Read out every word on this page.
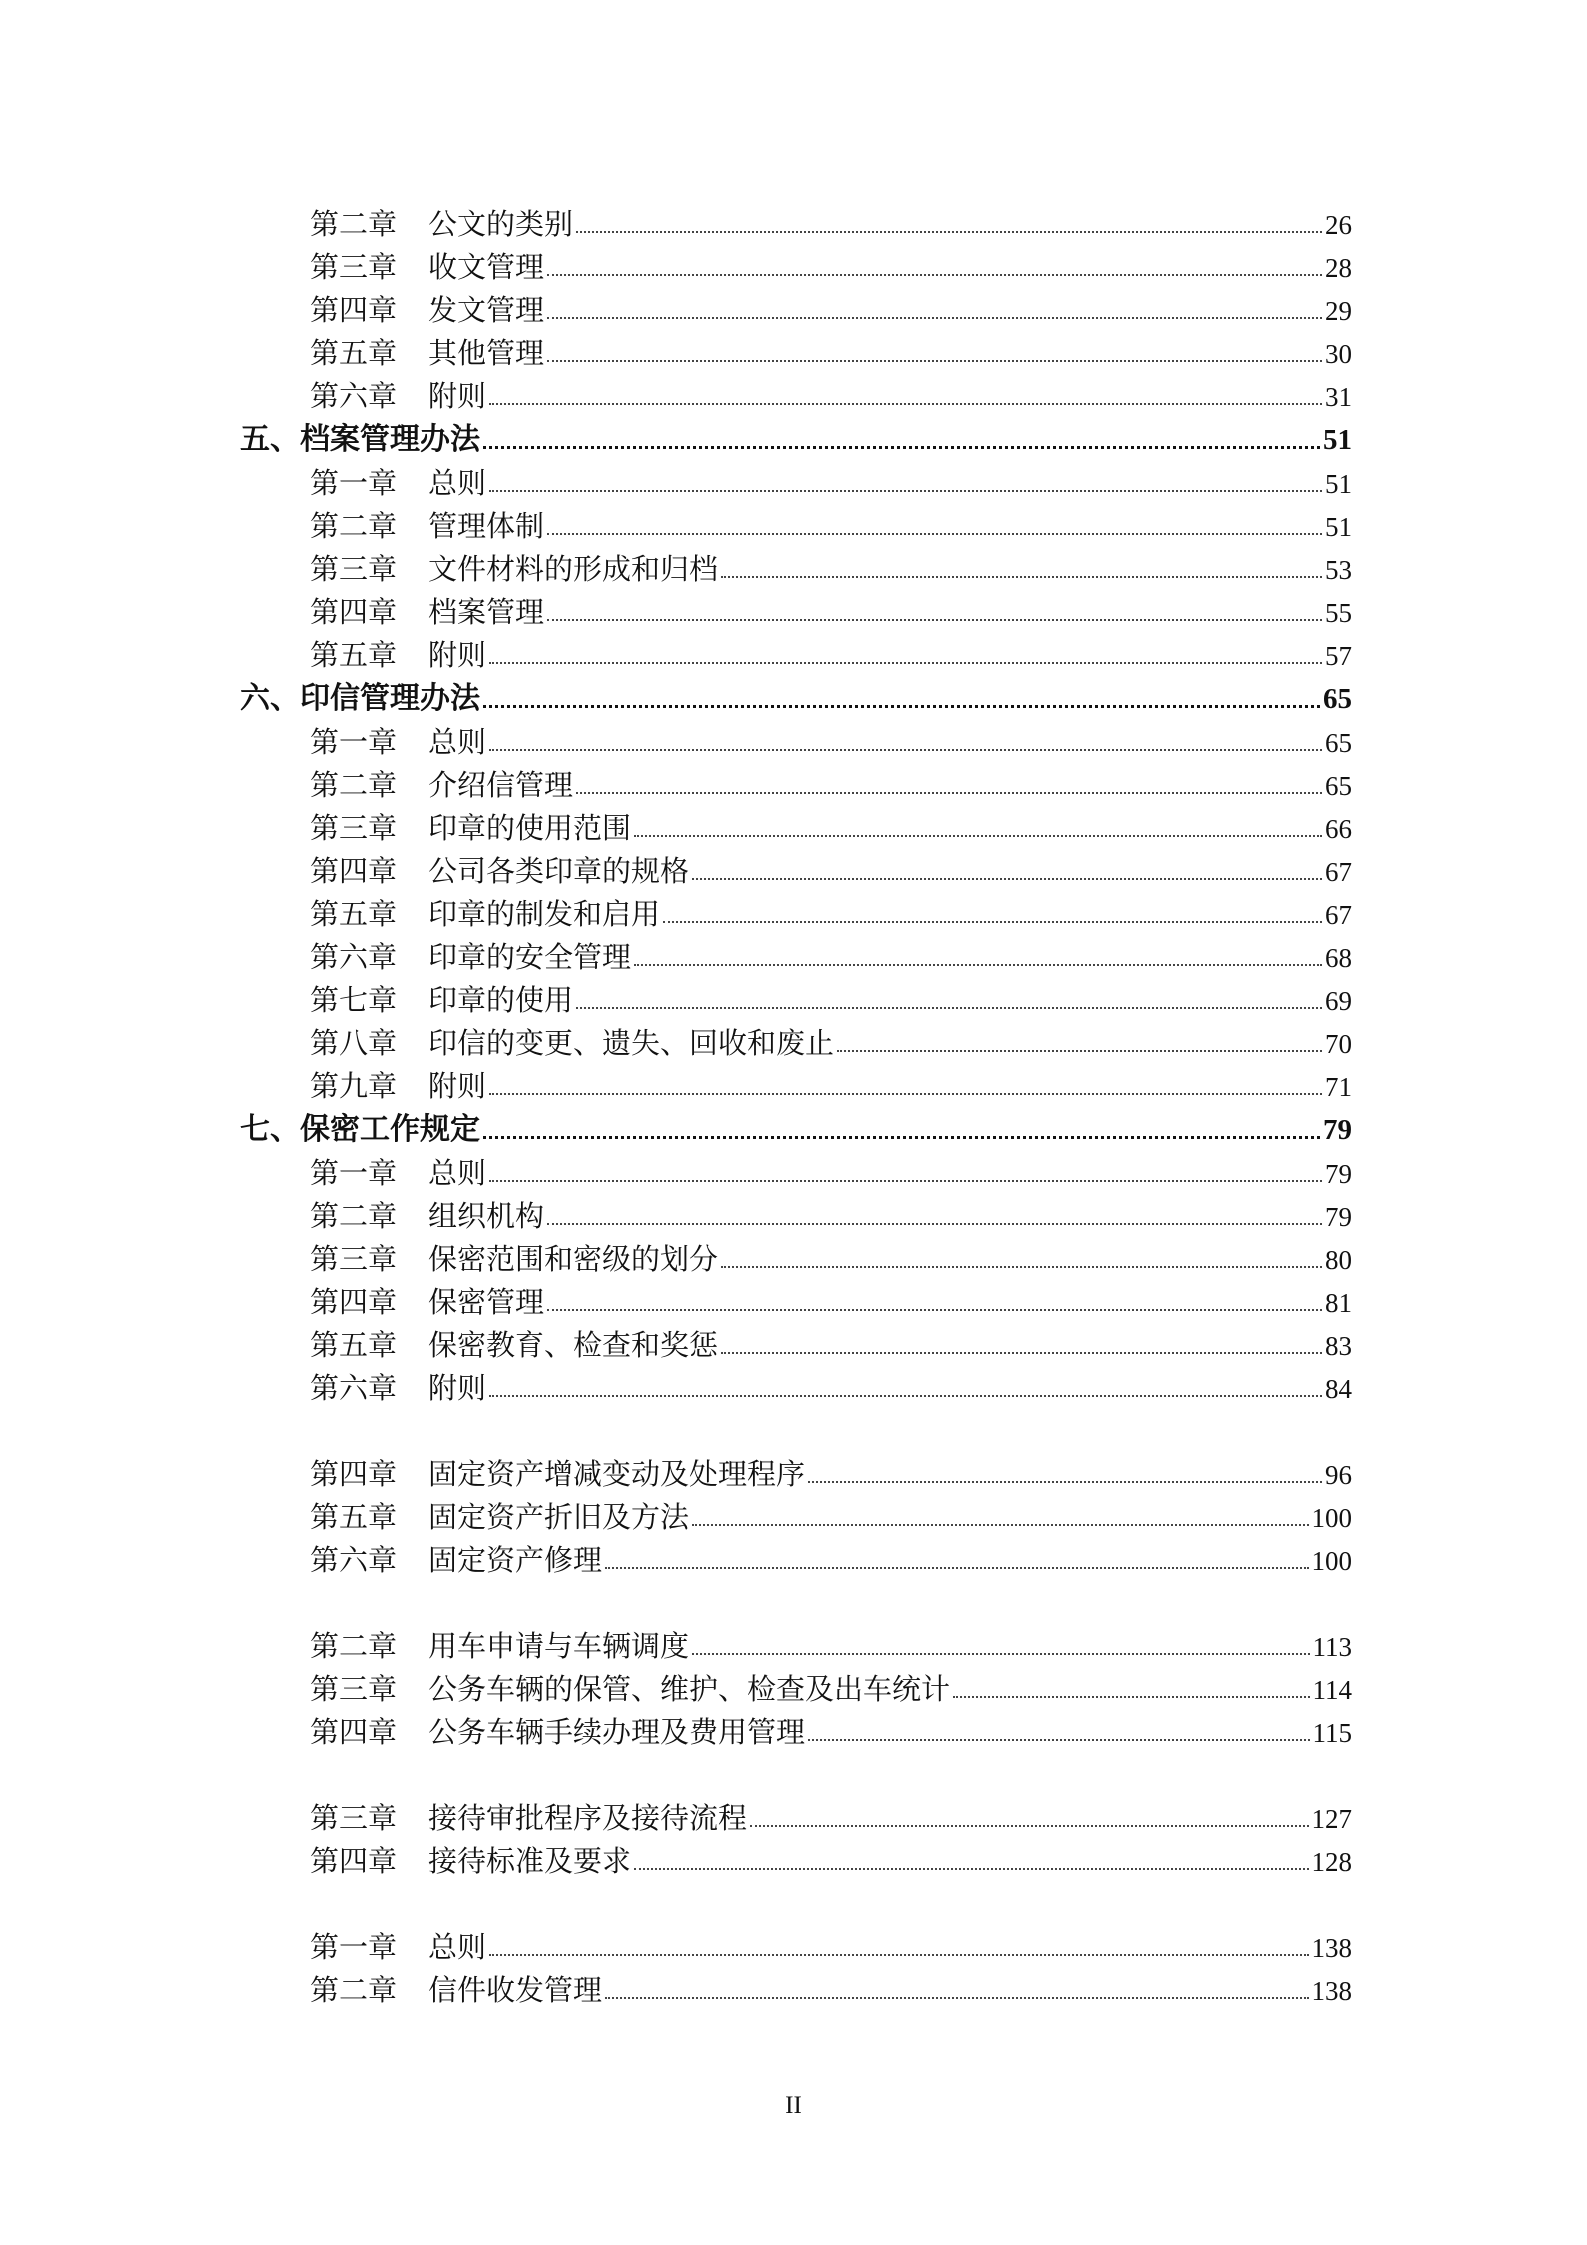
第二章	公文的类别	26
第三章	收文管理	28
第四章	发文管理	29
第五章	其他管理	30
第六章	附则	31
五、档案管理办法	51
第一章	总则	51
第二章	管理体制	51
第三章	文件材料的形成和归档	53
第四章	档案管理	55
第五章	附则	57
六、印信管理办法	65
第一章	总则	65
第二章	介绍信管理	65
第三章	印章的使用范围	66
第四章	公司各类印章的规格	67
第五章	印章的制发和启用	67
第六章	印章的安全管理	68
第七章	印章的使用	69
第八章	印信的变更、遗失、回收和废止	70
第九章	附则	71
七、保密工作规定	79
第一章	总则	79
第二章	组织机构	79
第三章	保密范围和密级的划分	80
第四章	保密管理	81
第五章	保密教育、检查和奖惩	83
第六章	附则	84
第四章	固定资产增减变动及处理程序	96
第五章	固定资产折旧及方法	100
第六章	固定资产修理	100
第二章	用车申请与车辆调度	113
第三章	公务车辆的保管、维护、检查及出车统计	114
第四章	公务车辆手续办理及费用管理	115
第三章	接待审批程序及接待流程	127
第四章	接待标准及要求	128
第一章	总则	138
第二章	信件收发管理	138
II
